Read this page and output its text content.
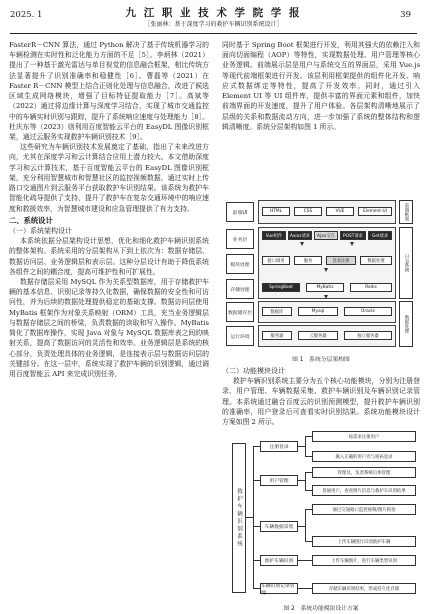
2025. 1	九 江 职 业 技 术 学 院 学 报
［张丽林：基于深度学习的救护车辆识别系统设计］
39

FasterR－CNN 算法，通过 Python 解决了基于传统机器学习的车辆检测在实时性和泛化能力方面的不足［5］。李炳林（2021）提出了一种基于激光雷达与单目视觉的信息融合框架，相比传统方法显著提升了识别准确率和稳健性［6］。曹磊等（2021）在 Faster R－CNN 模型上结合正则化处理与信息融合，改进了候选区域生成网络模块，增强了目标特征提取能力［7］。高斌等（2022）通过将边缘计算与深度学习结合，实现了城市交通监控中的车辆实时识别与跟踪，提升了系统响应速度与处理能力［8］。杜庆东等（2023）则利用百度智能云平台的 EasyDL 图像识别框架，通过云服务实现救护车辆识别技术［9］。

这些研究为车辆识别技术发展奠定了基础，指出了未来改进方向，尤其在深度学习和云计算结合应用上潜力较大。本文借助深度学习和云计算技术，基于百度智能云平台的 EasyDL 图像识别框架，充分利用智慧城市和智慧社区的监控视频数据，通过实时上传路口交通图片到云服务平台获取救护车识别结果。该系统为救护车智能化疏导提供了支持，提升了救护车在复杂交通环境中的响应速度和救援效率，为智慧城市建设和应急管理提供了有力支持。

二、系统设计

（一）系统架构设计

本系统依据分层架构设计思想，优化和细化救护车辆识别系统的整体架构。系统采用的分层架构从下到上依次为：数据存储层、数据访问层、业务逻辑层和表示层。这种分层设计有助于降低系统各组件之间的耦合度，提高可维护性和可扩展性。

数据存储层采用 MySQL 作为关系型数据库，用于存储救护车辆的基本信息、识别记录等持久化数据，确保数据的安全性和可访问性，并为后续的数据处理提供稳定的基础支撑。数据访问层使用 MyBatis 框架作为对象关系映射（ORM）工具，充当业务逻辑层与数据存储层之间的桥梁，负责数据的读取和写入操作。MyBatis 简化了数据库操作，实现 Java 对象与 MySQL 数据库表之间的映射关系，提高了数据访问的灵活性和效率。业务逻辑层是系统的核心部分，负责处理具体的业务逻辑，是连接表示层与数据访问层的关键部分。在这一层中，系统实现了救护车辆的识别逻辑，通过调用百度智能云 API 来完成识别任务，

同时基于 Spring Boot 框架进行开发，利用其强大的依赖注入和面向切面编程（AOP）等特性，实现数据处理、用户管理等核心业务逻辑。前端展示层是用户与系统交互的界面层，采用 Vue.js 等现代前端框架进行开发。该层利用框架提供的组件化开发、响应式数据绑定等特性，提高了开发效率。同时，通过引入 Element UI 等 UI 组件库，提供丰富的界面元素和组件，加快前端界面的开发速度，提升了用户体验。各层架构清晰地展示了层级的关系和数据流动方向，进一步加强了系统的整体结构和逻辑清晰度。系统分层架构如图 1 所示。

前端UI
业务层
模块处理
存储处理
数据储存层
运行环境
前端框架
日志系统
数据处理
HTML	CSS	VUE	Element-UI
Vue组件	Axios请求	Ajax交互	POST请求	Get请求
接口调用	服务	登录注册	数据处理
SpringBoot	MyBatis	Redis
数据库	Mysql	Oracle
服务器	云服务器	独立服务器
图 1　系统分层架构图

（二）功能模块设计

救护车辆识别系统主要分为五个核心功能模块，分别为注册登录、用户管理、车辆数据采集、救护车辆识别及车辆识别记录管理。本系统通过融合百度云的识别预测模型，提升救护车辆识别的准确率，用户登录后可查看实时识别结果。系统功能模块设计方案如图 2 所示。

救护车辆识别系统
注册登录
用户管理
车辆数据采集
救护车辆识别
车辆识别记录管理
按需求注册用户
输入正确的用户名与密码登录
管理员，负责系统后体管理
普通用户，查看图片信息与救护车识别结果
通过交通路口监控视频/图片抓拍
上传车辆图片识别救护车辆
上传车辆图片，进行车辆类型识别
存储车辆识别结果，形成持久化存储
图 2　系统功能模块设计方案
